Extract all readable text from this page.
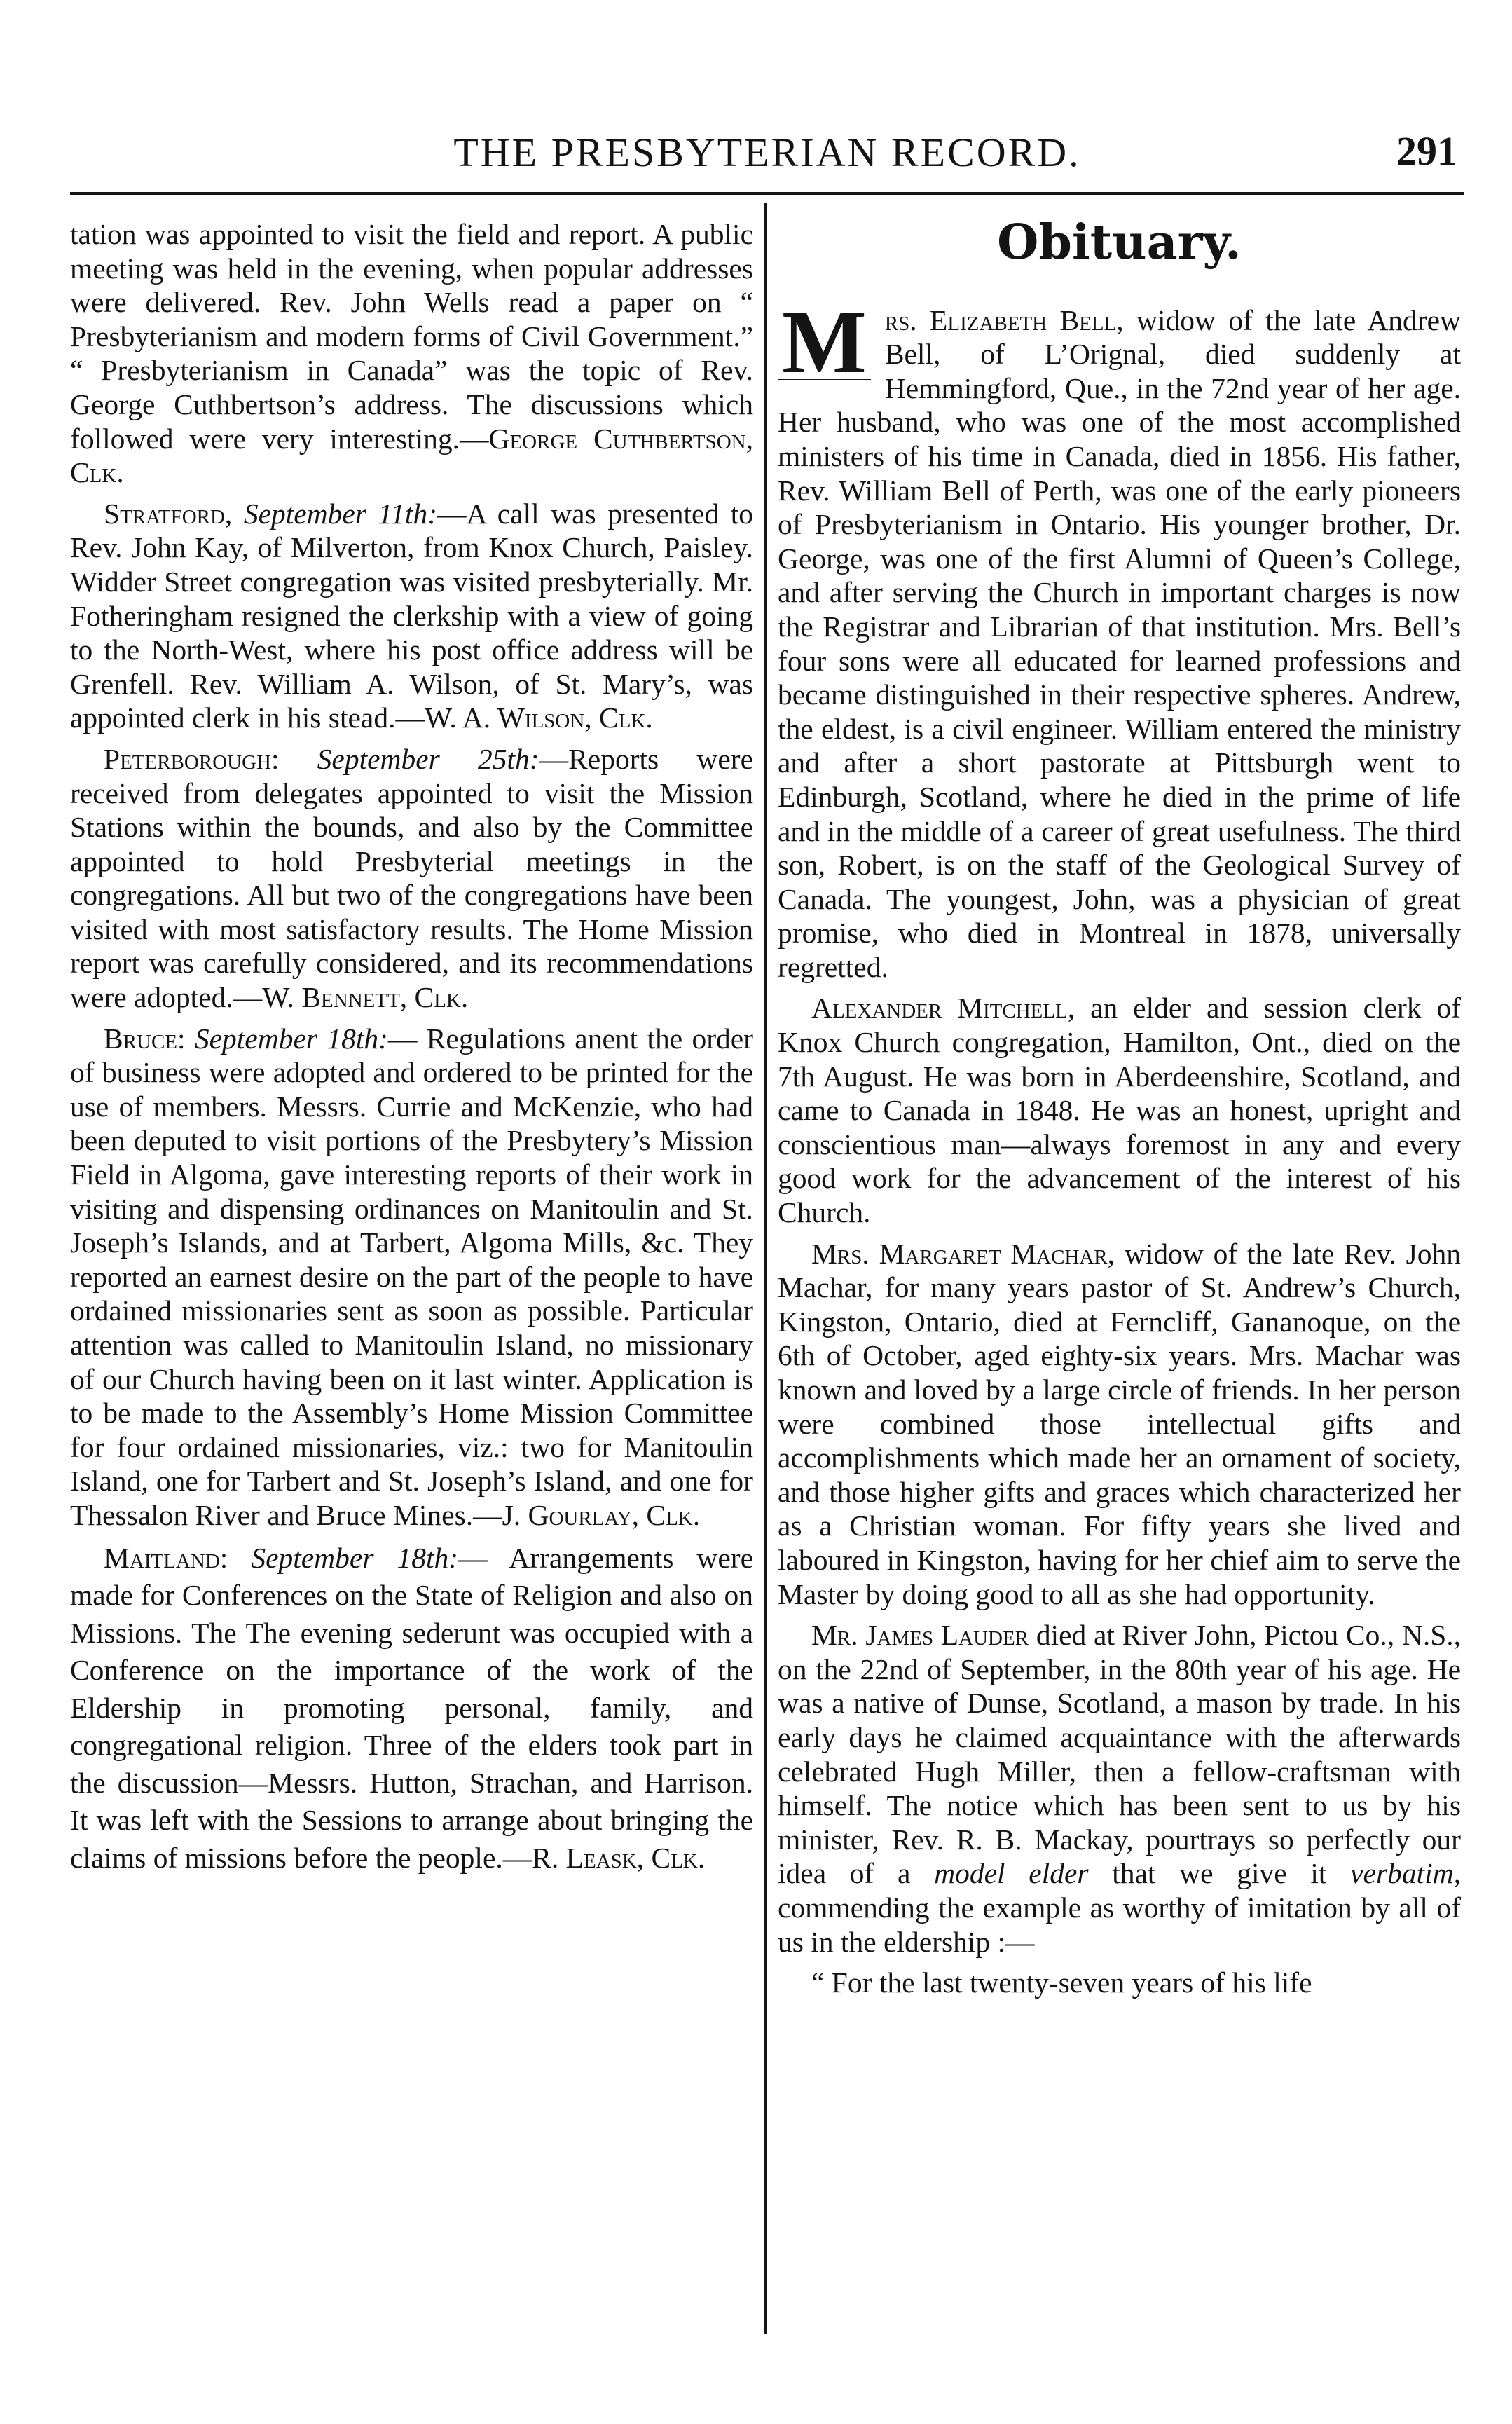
THE PRESBYTERIAN RECORD.	291

tation was appointed to visit the field and report. A public meeting was held in the evening, when popular addresses were delivered. Rev. John Wells read a paper on “ Presbyterianism and modern forms of Civil Government.” “ Presbyterianism in Canada” was the topic of Rev. George Cuthbertson’s address. The discussions which followed were very interesting.—George Cuthbertson, Clk.

Stratford, September 11th:—A call was presented to Rev. John Kay, of Milverton, from Knox Church, Paisley. Widder Street congregation was visited presbyterially. Mr. Fotheringham resigned the clerkship with a view of going to the North-West, where his post office address will be Grenfell. Rev. William A. Wilson, of St. Mary’s, was appointed clerk in his stead.—W. A. Wilson, Clk.

Peterborough: September 25th:—Reports were received from delegates appointed to visit the Mission Stations within the bounds, and also by the Committee appointed to hold Presbyterial meetings in the congregations. All but two of the congregations have been visited with most satisfactory results. The Home Mission report was carefully considered, and its recommendations were adopted.—W. Bennett, Clk.

Bruce: September 18th:— Regulations anent the order of business were adopted and ordered to be printed for the use of members. Messrs. Currie and McKenzie, who had been deputed to visit portions of the Presbytery’s Mission Field in Algoma, gave interesting reports of their work in visiting and dispensing ordinances on Manitoulin and St. Joseph’s Islands, and at Tarbert, Algoma Mills, &c. They reported an earnest desire on the part of the people to have ordained missionaries sent as soon as possible. Particular attention was called to Manitoulin Island, no missionary of our Church having been on it last winter. Application is to be made to the Assembly’s Home Mission Committee for four ordained missionaries, viz.: two for Manitoulin Island, one for Tarbert and St. Joseph’s Island, and one for Thessalon River and Bruce Mines.—J. Gourlay, Clk.

Maitland: September 18th:— Arrangements were made for Conferences on the State of Religion and also on Missions. The The evening sederunt was occupied with a Conference on the importance of the work of the Eldership in promoting personal, family, and congregational religion. Three of the elders took part in the discussion—Messrs. Hutton, Strachan, and Harrison. It was left with the Sessions to arrange about bringing the claims of missions before the people.—R. Leask, Clk.

Obituary.

M rs. Elizabeth Bell, widow of the late Andrew Bell, of L’Orignal, died suddenly at Hemmingford, Que., in the 72nd year of her age. Her husband, who was one of the most accomplished ministers of his time in Canada, died in 1856. His father, Rev. William Bell of Perth, was one of the early pioneers of Presbyterianism in Ontario. His younger brother, Dr. George, was one of the first Alumni of Queen’s College, and after serving the Church in important charges is now the Registrar and Librarian of that institution. Mrs. Bell’s four sons were all educated for learned professions and became distinguished in their respective spheres. Andrew, the eldest, is a civil engineer. William entered the ministry and after a short pastorate at Pittsburgh went to Edinburgh, Scotland, where he died in the prime of life and in the middle of a career of great usefulness. The third son, Robert, is on the staff of the Geological Survey of Canada. The youngest, John, was a physician of great promise, who died in Montreal in 1878, universally regretted.

Alexander Mitchell, an elder and session clerk of Knox Church congregation, Hamilton, Ont., died on the 7th August. He was born in Aberdeenshire, Scotland, and came to Canada in 1848. He was an honest, upright and conscientious man—always foremost in any and every good work for the advancement of the interest of his Church.

Mrs. Margaret Machar, widow of the late Rev. John Machar, for many years pastor of St. Andrew’s Church, Kingston, Ontario, died at Ferncliff, Gananoque, on the 6th of October, aged eighty-six years. Mrs. Machar was known and loved by a large circle of friends. In her person were combined those intellectual gifts and accomplishments which made her an ornament of society, and those higher gifts and graces which characterized her as a Christian woman. For fifty years she lived and laboured in Kingston, having for her chief aim to serve the Master by doing good to all as she had opportunity.

Mr. James Lauder died at River John, Pictou Co., N.S., on the 22nd of September, in the 80th year of his age. He was a native of Dunse, Scotland, a mason by trade. In his early days he claimed acquaintance with the afterwards celebrated Hugh Miller, then a fellow-craftsman with himself. The notice which has been sent to us by his minister, Rev. R. B. Mackay, pourtrays so perfectly our idea of a model elder that we give it verbatim, commending the example as worthy of imitation by all of us in the eldership :—

“ For the last twenty-seven years of his life
